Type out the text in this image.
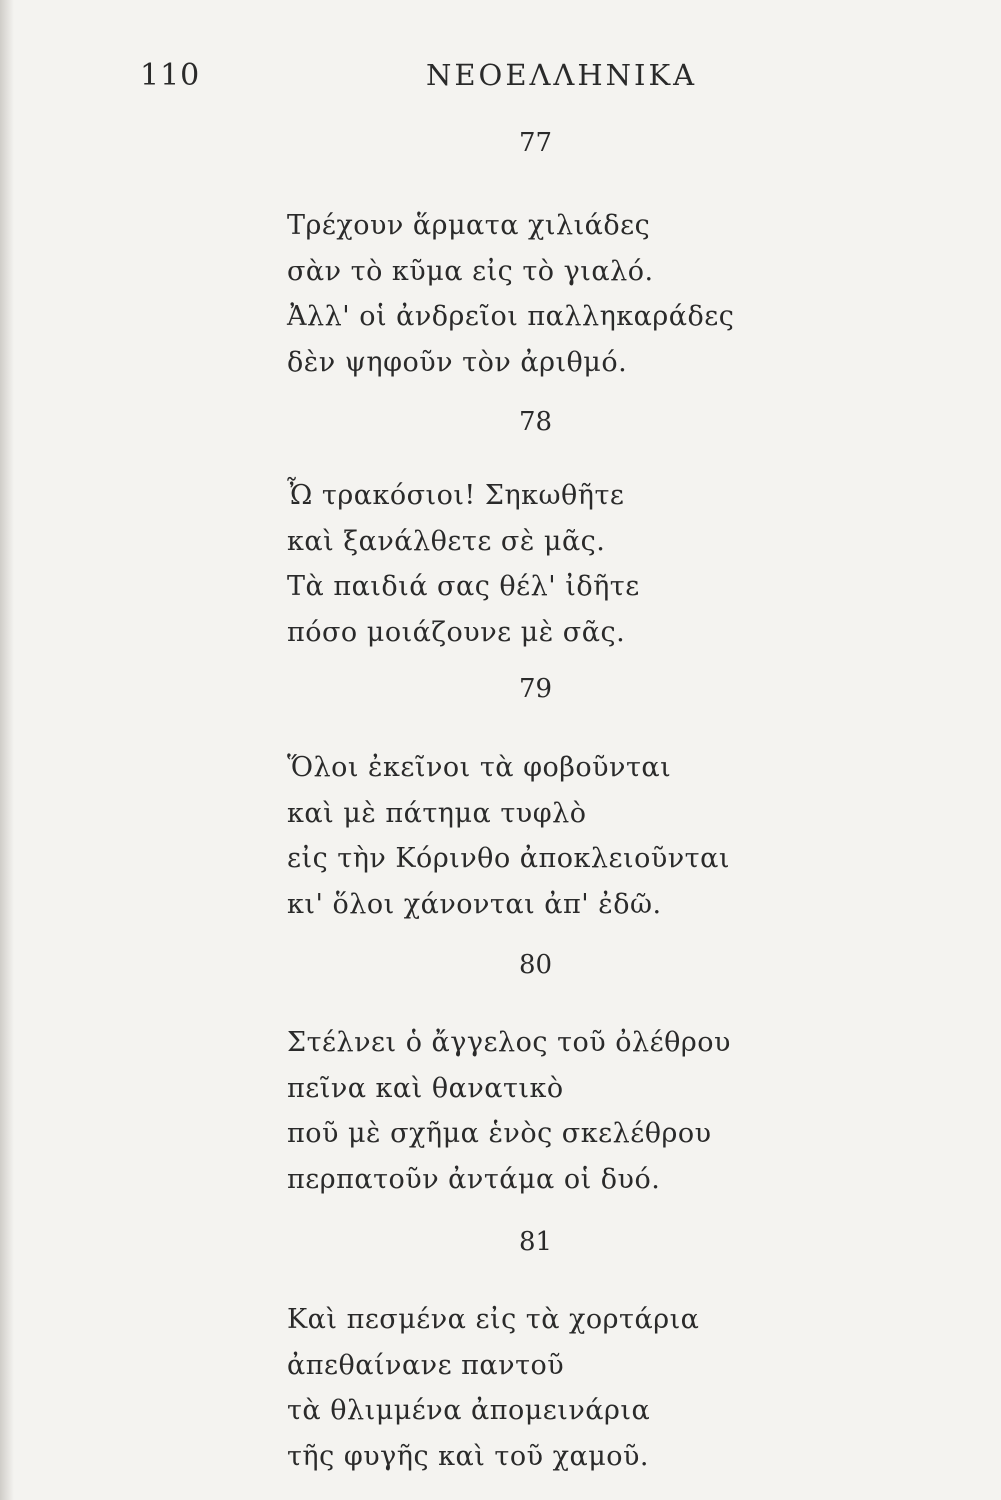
110	ΝΕΟΕΛΛΗΝΙΚΑ
77
Τρέχουν ἅρματα χιλιάδες
σὰν τὸ κῦμα εἰς τὸ γιαλό.
Ἀλλ' οἱ ἀνδρεῖοι παλληκαράδες
δὲν ψηφοῦν τὸν ἀριθμό.
78
Ὦ τρακόσιοι! Σηκωθῆτε
καὶ ξανάλθετε σὲ μᾶς.
Τὰ παιδιά σας θέλ' ἰδῆτε
πόσο μοιάζουνε μὲ σᾶς.
79
Ὅλοι ἐκεῖνοι τὰ φοβοῦνται
καὶ μὲ πάτημα τυφλὸ
εἰς τὴν Κόρινθο ἀποκλειοῦνται
κι' ὅλοι χάνονται ἀπ' ἐδῶ.
80
Στέλνει ὁ ἄγγελος τοῦ ὀλέθρου
πεῖνα καὶ θανατικὸ
ποῦ μὲ σχῆμα ἑνὸς σκελέθρου
περπατοῦν ἀντάμα οἱ δυό.
81
Καὶ πεσμένα εἰς τὰ χορτάρια
ἀπεθαίνανε παντοῦ
τὰ θλιμμένα ἀπομεινάρια
τῆς φυγῆς καὶ τοῦ χαμοῦ.
